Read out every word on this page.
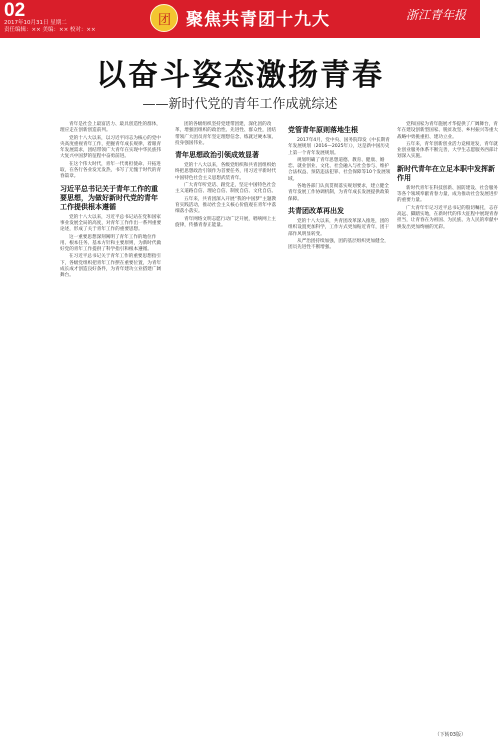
02
2017年10月31日 星期二
责任编辑：×× 美编：×× 校对：××
团 聚焦共青团十九大	浙江青年报
以奋斗姿态激扬青春
——新时代党的青年工作成就综述

青年是社会上最富活力、最具创造性的群体，理应走在创新创造前列。

党的十八大以来，以习近平同志为核心的党中央高度重视青年工作，把握青年成长规律，着眼青年发展需求，团结带领广大青年在实现中华民族伟大复兴中国梦的征程中奋勇前进。

在这个伟大时代，青年一代勇担使命、开拓进取，在各行各业发光发热，书写了无愧于时代的青春篇章。

习近平总书记关于青年工作的重要思想，为做好新时代党的青年工作提供根本遵循

党的十八大以来，习近平总书记站在党和国家事业发展全局的高度，对青年工作作出一系列重要论述，形成了关于青年工作的重要思想。

这一重要思想深刻阐明了青年工作的地位作用、根本任务、基本方针和主要原则，为新时代做好党的青年工作提供了科学指引和根本遵循。

在习近平总书记关于青年工作的重要思想指引下，各级党组织把青年工作摆在重要位置，为青年成长成才创造良好条件，为青年建功立业搭建广阔舞台。

团的各级组织坚持党建带团建，深化团的改革，增强团组织的政治性、先进性、群众性，团结带领广大团员青年坚定理想信念、练就过硬本领、投身强国伟业。

青年思想政治引领成效显著

党的十八大以来，各级党组织和共青团组织始终把思想政治引领作为首要任务，用习近平新时代中国特色社会主义思想武装青年。

广大青年听党话、跟党走，坚定中国特色社会主义道路自信、理论自信、制度自信、文化自信。

五年来，共青团深入开展“我的中国梦”主题教育实践活动，推动社会主义核心价值观在青年中落细落小落实。

青年网络文明志愿行动广泛开展，唱响网上主旋律，传播青春正能量。

党管青年原则落地生根

2017年4月，党中央、国务院印发《中长期青年发展规划（2016—2025年）》，这是新中国历史上第一个青年发展规划。

规划明确了青年思想道德、教育、健康、婚恋、就业创业、文化、社会融入与社会参与、维护合法权益、预防违法犯罪、社会保障等10个发展领域。

各地各部门认真贯彻落实规划要求，建立健全青年发展工作协调机制，为青年成长发展提供政策保障。

共青团改革再出发

党的十八大以来，共青团改革深入推进，团的组织设置更加科学，工作方式更加贴近青年，团干部作风明显转变。

从严治团持续加强，团的基层组织更加健全，团员先进性不断增强。

党和国家为青年施展才华提供了广阔舞台，青年在建设创新型国家、脱贫攻坚、乡村振兴等重大战略中勇挑重担、建功立业。

五年来，青年创新创业活力竞相迸发，青年就业创业服务体系不断完善，大学生志愿服务西部计划深入实施。

新时代青年在立足本职中发挥新作用

新时代青年在科技创新、国防建设、社会服务等各个领域奉献青春力量，成为推动社会发展进步的重要力量。

广大青年牢记习近平总书记的殷切嘱托，志存高远、脚踏实地，在新时代的伟大征程中展现青春担当，让青春在为祖国、为民族、为人民的奉献中焕发出更加绚丽的光彩。

（下转03版）
